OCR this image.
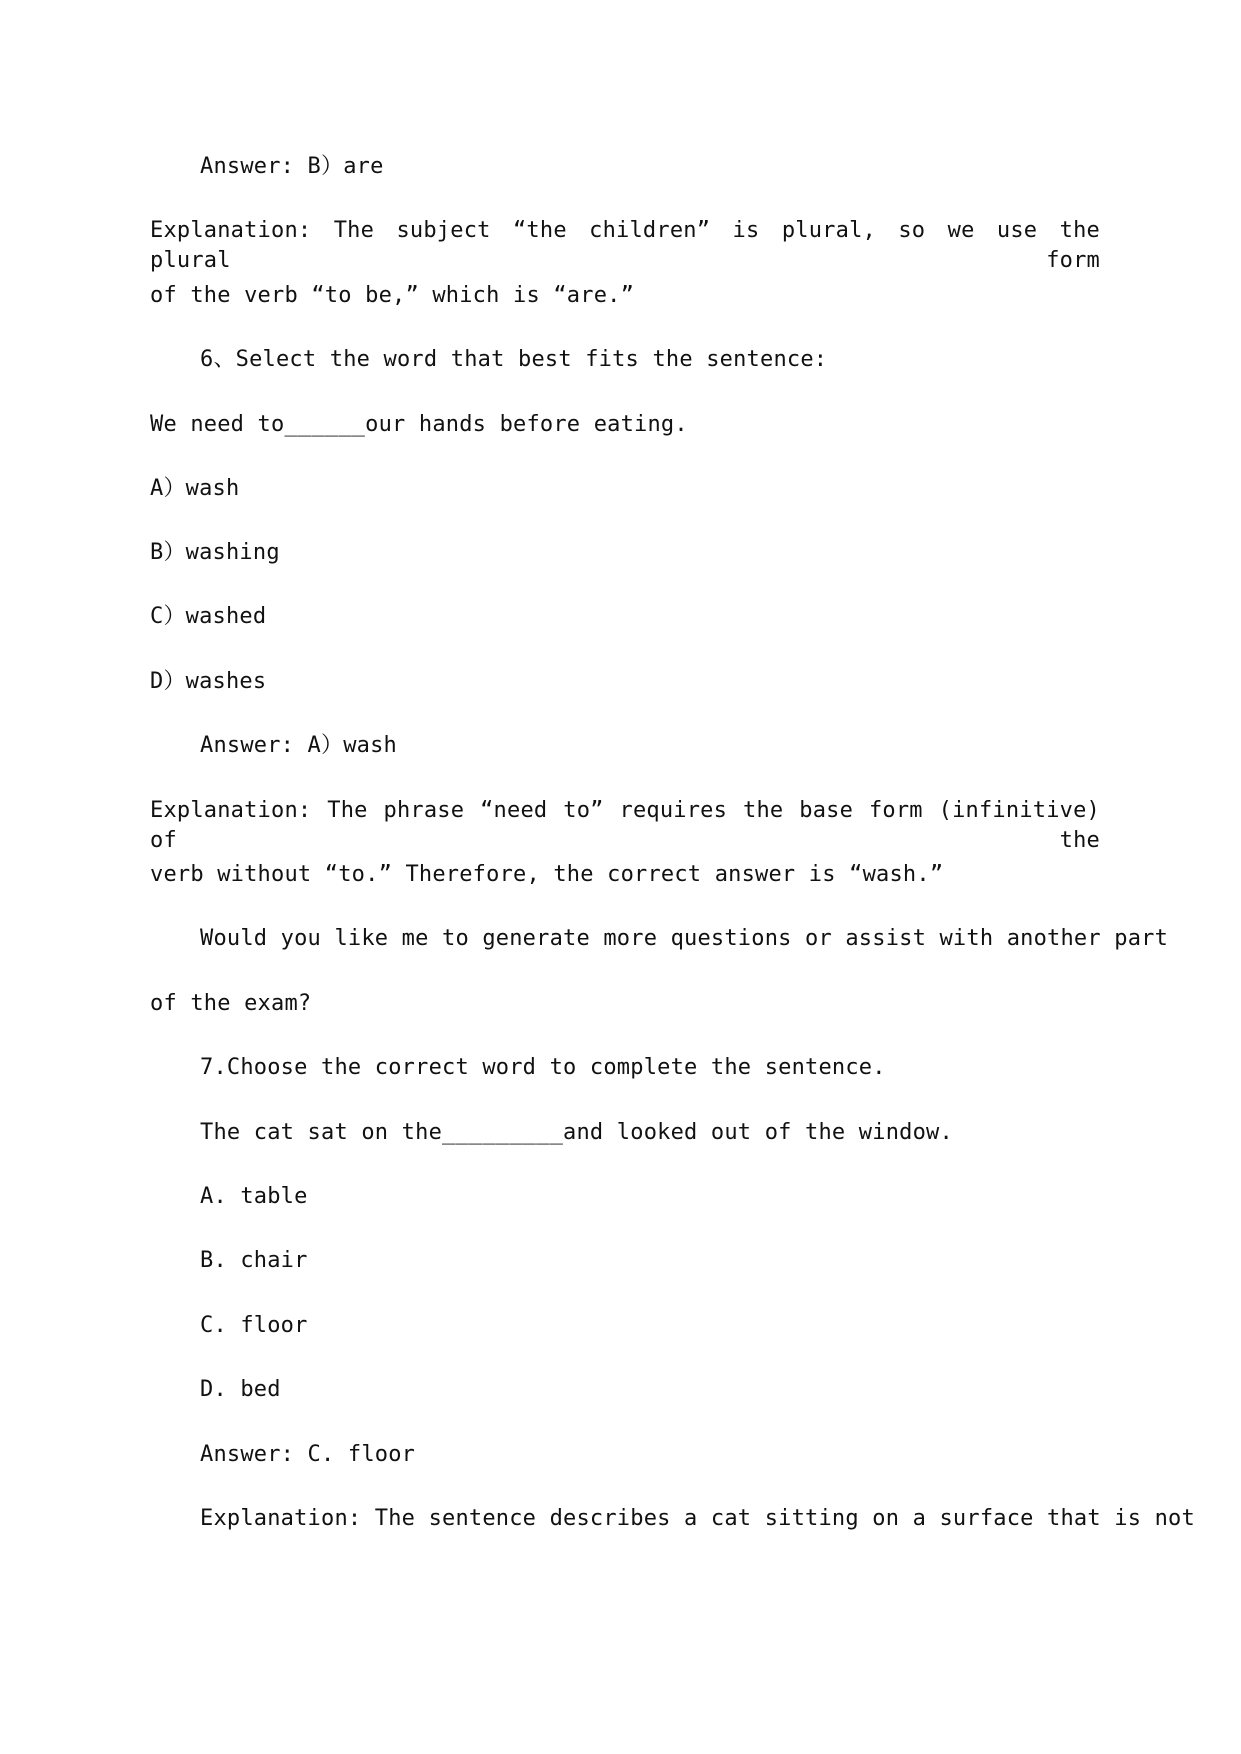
Answer: B）are

Explanation: The subject “the children” is plural, so we use the plural form

of the verb “to be,” which is “are.”

6、Select the word that best fits the sentence:

We need to______our hands before eating.

A）wash

B）washing

C）washed

D）washes

Answer: A）wash

Explanation: The phrase “need to” requires the base form (infinitive) of the

verb without “to.” Therefore, the correct answer is “wash.”

Would you like me to generate more questions or assist with another part

of the exam?

7.Choose the correct word to complete the sentence.

The cat sat on the_________and looked out of the window.

A. table

B. chair

C. floor

D. bed

Answer: C. floor

Explanation: The sentence describes a cat sitting on a surface that is not
